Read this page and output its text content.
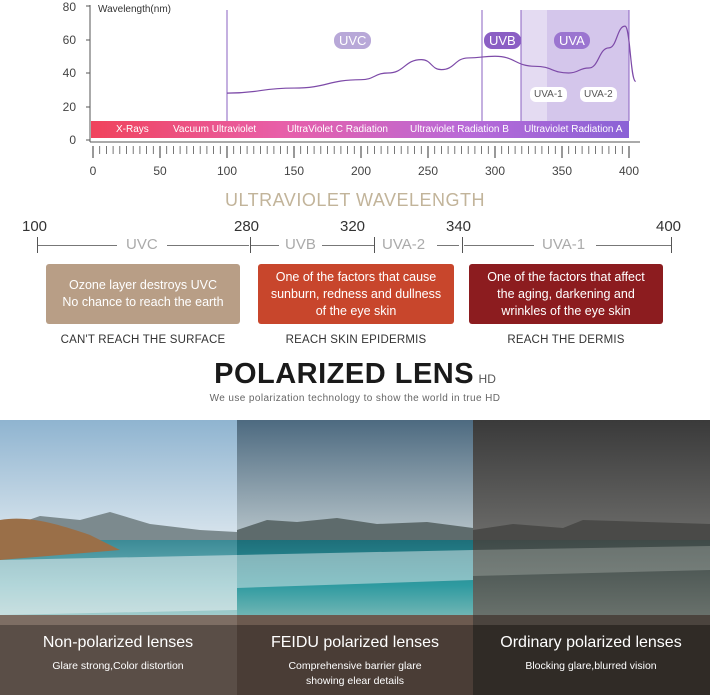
Wavelength(nm)
80
60
40
20
0
UVC	UVB	UVA
UVA-1	UVA-2
X-Rays Vacuum Ultraviolet	UltraViolet C Radiation Ultraviolet Radiation B Ultraviolet Radiation A
0	50	100	150	200	250	300	350	400
ULTRAVIOLET WAVELENGTH
100	280	320	340	400
UVC	UVB	UVA-2	UVA-1
Ozone layer destroys UVC
No chance to reach the earth
One of the factors that cause
sunburn, redness and dullness
of the eye skin
One of the factors that affect
the aging, darkening and
wrinkles of the eye skin
CAN'T REACH THE SURFACE	REACH SKIN EPIDERMIS	REACH THE DERMIS
POLARIZED LENS HD
We use polarization technology to show the world in true HD
Non-polarized lenses	FEIDU polarized lenses	Ordinary polarized lenses
Glare strong,Color distortion	Comprehensive barrier glare
showing elear details
Blocking glare,blurred vision
